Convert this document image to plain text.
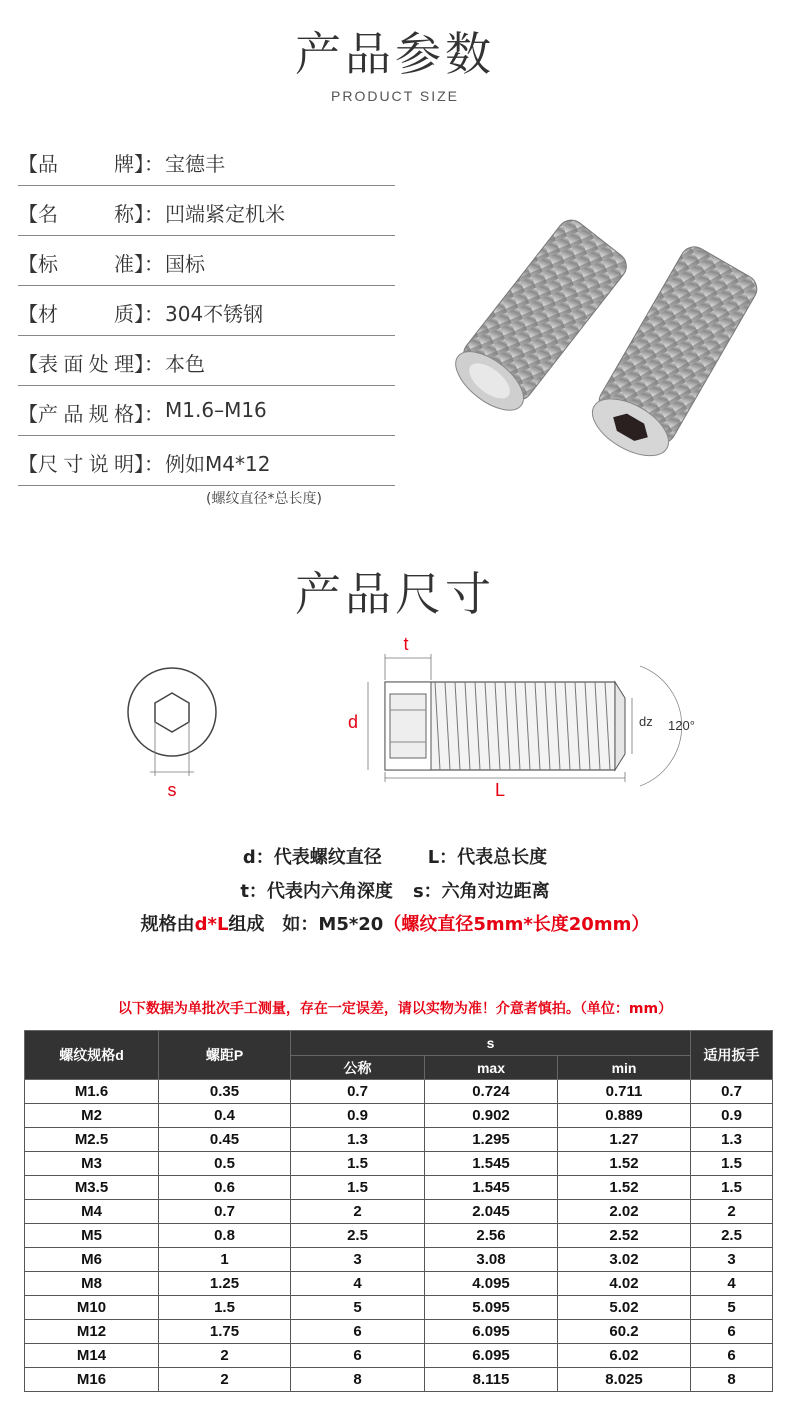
产品参数
PRODUCT SIZE
【品牌】： 宝德丰
【名称】： 凹端紧定机米
【标准】： 国标
【材质】： 304不锈钢
【表面处理】： 本色
【产品规格】： M1.6–M16
【尺寸说明】： 例如M4*12
(螺纹直径*总长度)
产品尺寸
s
t
d
L
dz 120°
d：代表螺纹直径	L：代表总长度
t：代表内六角深度 s：六角对边距离
规格由d*L组成　如：M5*20（螺纹直径5mm*长度20mm）
以下数据为单批次手工测量，存在一定误差，请以实物为准！介意者慎拍。（单位：mm）
螺纹规格d	螺距P	s			适用扳手
		公称	max	min	
M1.6	0.35	0.7	0.724	0.711	0.7
M2	0.4	0.9	0.902	0.889	0.9
M2.5	0.45	1.3	1.295	1.27	1.3
M3	0.5	1.5	1.545	1.52	1.5
M3.5	0.6	1.5	1.545	1.52	1.5
M4	0.7	2	2.045	2.02	2
M5	0.8	2.5	2.56	2.52	2.5
M6	1	3	3.08	3.02	3
M8	1.25	4	4.095	4.02	4
M10	1.5	5	5.095	5.02	5
M12	1.75	6	6.095	60.2	6
M14	2	6	6.095	6.02	6
M16	2	8	8.115	8.025	8
